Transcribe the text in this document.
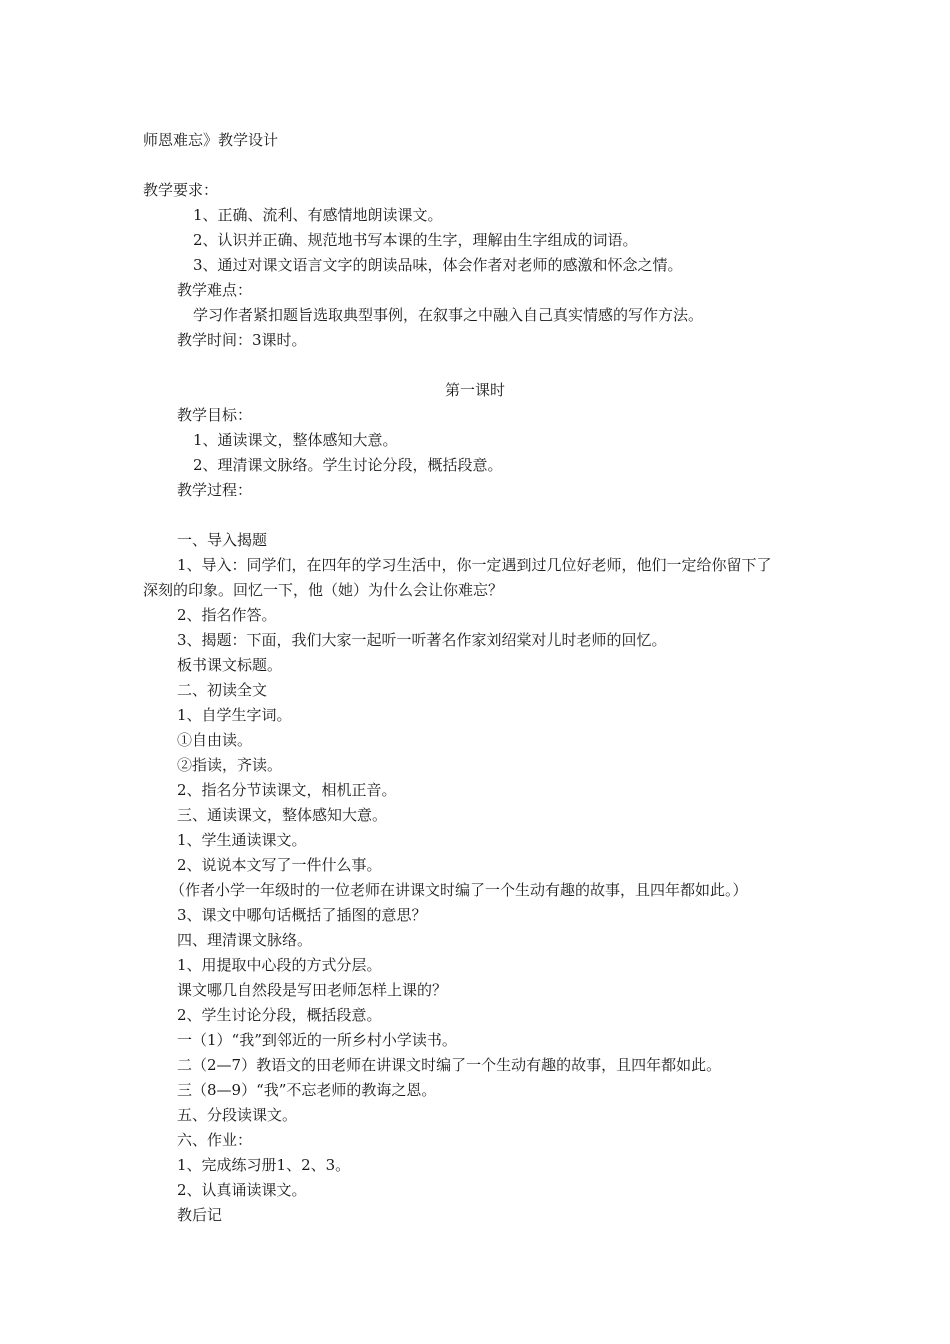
师恩难忘》教学设计
教学要求：
1、正确、流利、有感情地朗读课文。
2、认识并正确、规范地书写本课的生字，理解由生字组成的词语。
3、通过对课文语言文字的朗读品味，体会作者对老师的感激和怀念之情。
教学难点：
学习作者紧扣题旨选取典型事例，在叙事之中融入自己真实情感的写作方法。
教学时间：3课时。
第一课时
教学目标：
1、通读课文，整体感知大意。
2、理清课文脉络。学生讨论分段，概括段意。
教学过程：
一、导入揭题
1、导入：同学们，在四年的学习生活中，你一定遇到过几位好老师，他们一定给你留下了
深刻的印象。回忆一下，他（她）为什么会让你难忘？
2、指名作答。
3、揭题：下面，我们大家一起听一听著名作家刘绍棠对儿时老师的回忆。
板书课文标题。
二、初读全文
1、自学生字词。
①自由读。
②指读，齐读。
2、指名分节读课文，相机正音。
三、通读课文，整体感知大意。
1、学生通读课文。
2、说说本文写了一件什么事。
（作者小学一年级时的一位老师在讲课文时编了一个生动有趣的故事，且四年都如此。）
3、课文中哪句话概括了插图的意思？
四、理清课文脉络。
1、用提取中心段的方式分层。
课文哪几自然段是写田老师怎样上课的？
2、学生讨论分段，概括段意。
一（1）“我”到邻近的一所乡村小学读书。
二（2—7）教语文的田老师在讲课文时编了一个生动有趣的故事，且四年都如此。
三（8—9）“我”不忘老师的教诲之恩。
五、分段读课文。
六、作业：
1、完成练习册1、2、3。
2、认真诵读课文。
教后记
